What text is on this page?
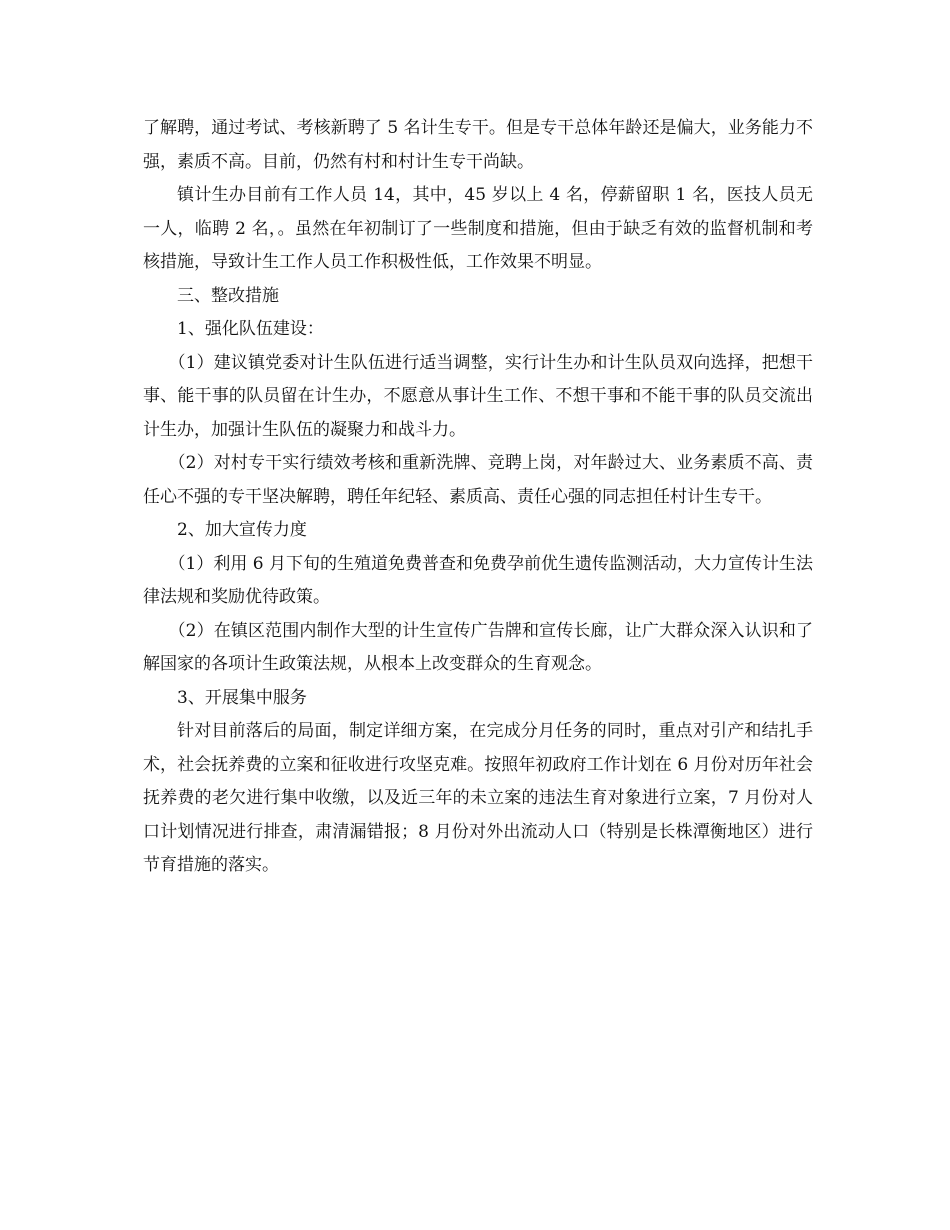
了解聘，通过考试、考核新聘了 5 名计生专干。但是专干总体年龄还是偏大，业务能力不强，素质不高。目前，仍然有村和村计生专干尚缺。

镇计生办目前有工作人员 14，其中，45 岁以上 4 名，停薪留职 1 名，医技人员无一人，临聘 2 名，。虽然在年初制订了一些制度和措施，但由于缺乏有效的监督机制和考核措施，导致计生工作人员工作积极性低，工作效果不明显。

三、整改措施

1、强化队伍建设：

（1）建议镇党委对计生队伍进行适当调整，实行计生办和计生队员双向选择，把想干事、能干事的队员留在计生办，不愿意从事计生工作、不想干事和不能干事的队员交流出计生办，加强计生队伍的凝聚力和战斗力。

（2）对村专干实行绩效考核和重新洗牌、竞聘上岗，对年龄过大、业务素质不高、责任心不强的专干坚决解聘，聘任年纪轻、素质高、责任心强的同志担任村计生专干。

2、加大宣传力度

（1）利用 6 月下旬的生殖道免费普查和免费孕前优生遗传监测活动，大力宣传计生法律法规和奖励优待政策。

（2）在镇区范围内制作大型的计生宣传广告牌和宣传长廊，让广大群众深入认识和了解国家的各项计生政策法规，从根本上改变群众的生育观念。

3、开展集中服务

针对目前落后的局面，制定详细方案，在完成分月任务的同时，重点对引产和结扎手术，社会抚养费的立案和征收进行攻坚克难。按照年初政府工作计划在 6 月份对历年社会抚养费的老欠进行集中收缴，以及近三年的未立案的违法生育对象进行立案，7 月份对人口计划情况进行排查，肃清漏错报；8 月份对外出流动人口（特别是长株潭衡地区）进行节育措施的落实。
